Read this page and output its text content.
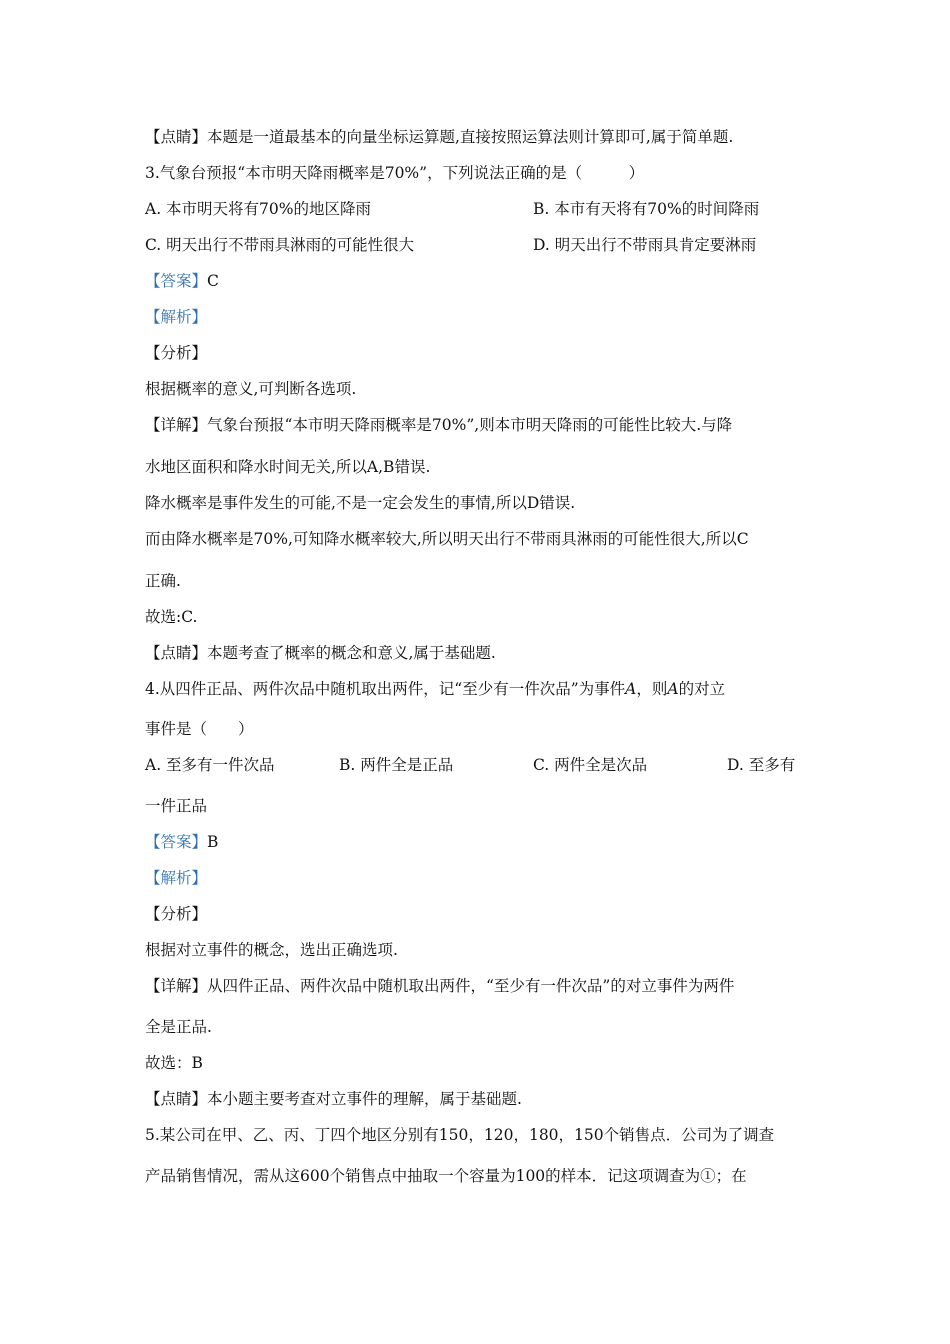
【点睛】本题是一道最基本的向量坐标运算题,直接按照运算法则计算即可,属于简单题.
3.气象台预报“本市明天降雨概率是70%”，下列说法正确的是（　　　）
A. 本市明天将有70%的地区降雨	B. 本市有天将有70%的时间降雨
C. 明天出行不带雨具淋雨的可能性很大	D. 明天出行不带雨具肯定要淋雨
【答案】C
【解析】
【分析】
根据概率的意义,可判断各选项.
【详解】气象台预报“本市明天降雨概率是70%”,则本市明天降雨的可能性比较大.与降
水地区面积和降水时间无关,所以A,B错误.
降水概率是事件发生的可能,不是一定会发生的事情,所以D错误.
而由降水概率是70%,可知降水概率较大,所以明天出行不带雨具淋雨的可能性很大,所以C
正确.
故选:C.
【点睛】本题考查了概率的概念和意义,属于基础题.
4.从四件正品、两件次品中随机取出两件，记“至少有一件次品”为事件A，则A的对立
事件是（　　）
A. 至多有一件次品	B. 两件全是正品	C. 两件全是次品	D. 至多有
一件正品
【答案】B
【解析】
【分析】
根据对立事件的概念，选出正确选项.
【详解】从四件正品、两件次品中随机取出两件，“至少有一件次品”的对立事件为两件
全是正品.
故选：B
【点睛】本小题主要考查对立事件的理解，属于基础题.
5.某公司在甲、乙、丙、丁四个地区分别有150，120，180，150个销售点．公司为了调查
产品销售情况，需从这600个销售点中抽取一个容量为100的样本．记这项调查为①；在
